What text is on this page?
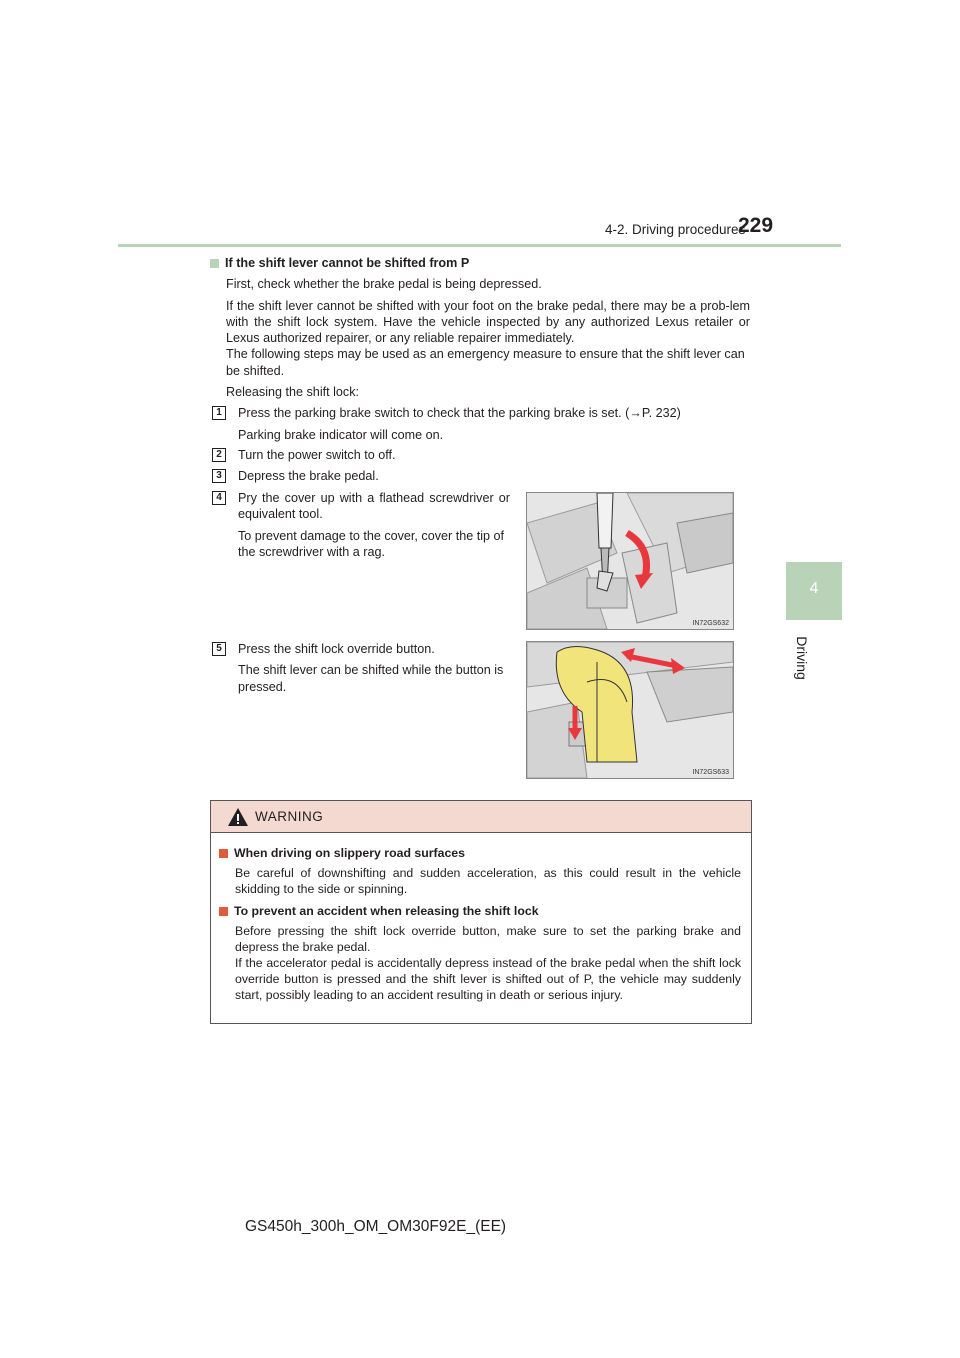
4-2. Driving procedures
229
4
Driving

If the shift lever cannot be shifted from P

First, check whether the brake pedal is being depressed.

If the shift lever cannot be shifted with your foot on the brake pedal, there may be a prob-lem with the shift lock system. Have the vehicle inspected by any authorized Lexus retailer or Lexus authorized repairer, or any reliable repairer immediately.

The following steps may be used as an emergency measure to ensure that the shift lever can be shifted.

Releasing the shift lock:

1	Press the parking brake switch to check that the parking brake is set. (→P. 232)
Parking brake indicator will come on.
2	Turn the power switch to off.
3	Depress the brake pedal.
4	Pry the cover up with a flathead screwdriver or equivalent tool.

To prevent damage to the cover, cover the tip of the screwdriver with a rag.

IN72GS632
5	Press the shift lock override button.

The shift lever can be shifted while the button is pressed.

IN72GS633
WARNING

When driving on slippery road surfaces

Be careful of downshifting and sudden acceleration, as this could result in the vehicle skidding to the side or spinning.

To prevent an accident when releasing the shift lock

Before pressing the shift lock override button, make sure to set the parking brake and depress the brake pedal.

If the accelerator pedal is accidentally depress instead of the brake pedal when the shift lock override button is pressed and the shift lever is shifted out of P, the vehicle may suddenly start, possibly leading to an accident resulting in death or serious injury.

GS450h_300h_OM_OM30F92E_(EE)
